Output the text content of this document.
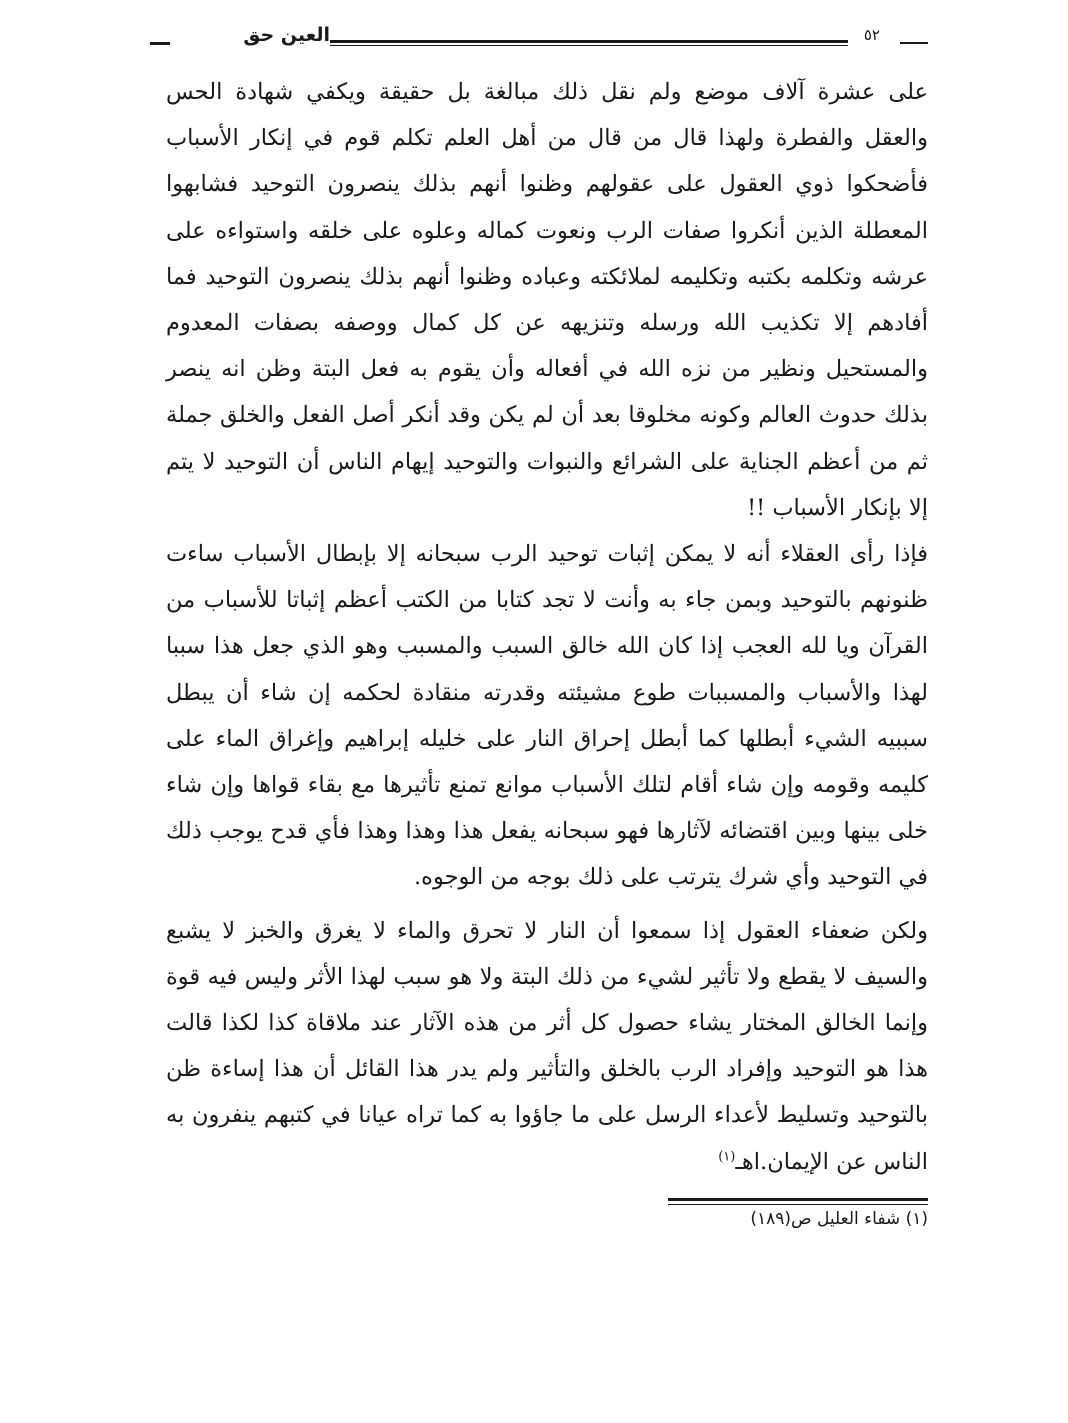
العين حق	٥٢

على عشرة آلاف موضع ولم نقل ذلك مبالغة بل حقيقة ويكفي شهادة الحس والعقل والفطرة ولهذا قال من قال من أهل العلم تكلم قوم في إنكار الأسباب فأضحكوا ذوي العقول على عقولهم وظنوا أنهم بذلك ينصرون التوحيد فشابهوا المعطلة الذين أنكروا صفات الرب ونعوت كماله وعلوه على خلقه واستواءه على عرشه وتكلمه بكتبه وتكليمه لملائكته وعباده وظنوا أنهم بذلك ينصرون التوحيد فما أفادهم إلا تكذيب الله ورسله وتنزيهه عن كل كمال ووصفه بصفات المعدوم والمستحيل ونظير من نزه الله في أفعاله وأن يقوم به فعل البتة وظن انه ينصر بذلك حدوث العالم وكونه مخلوقا بعد أن لم يكن وقد أنكر أصل الفعل والخلق جملة ثم من أعظم الجناية على الشرائع والنبوات والتوحيد إيهام الناس أن التوحيد لا يتم إلا بإنكار الأسباب !!

فإذا رأى العقلاء أنه لا يمكن إثبات توحيد الرب سبحانه إلا بإبطال الأسباب ساءت ظنونهم بالتوحيد وبمن جاء به وأنت لا تجد كتابا من الكتب أعظم إثباتا للأسباب من القرآن ويا لله العجب إذا كان الله خالق السبب والمسبب وهو الذي جعل هذا سببا لهذا والأسباب والمسببات طوع مشيئته وقدرته منقادة لحكمه إن شاء أن يبطل سببيه الشيء أبطلها كما أبطل إحراق النار على خليله إبراهيم وإغراق الماء على كليمه وقومه وإن شاء أقام لتلك الأسباب موانع تمنع تأثيرها مع بقاء قواها وإن شاء خلى بينها وبين اقتضائه لآثارها فهو سبحانه يفعل هذا وهذا وهذا فأي قدح يوجب ذلك في التوحيد وأي شرك يترتب على ذلك بوجه من الوجوه.

ولكن ضعفاء العقول إذا سمعوا أن النار لا تحرق والماء لا يغرق والخبز لا يشبع والسيف لا يقطع ولا تأثير لشيء من ذلك البتة ولا هو سبب لهذا الأثر وليس فيه قوة وإنما الخالق المختار يشاء حصول كل أثر من هذه الآثار عند ملاقاة كذا لكذا قالت هذا هو التوحيد وإفراد الرب بالخلق والتأثير ولم يدر هذا القائل أن هذا إساءة ظن بالتوحيد وتسليط لأعداء الرسل على ما جاؤوا به كما تراه عيانا في كتبهم ينفرون به الناس عن الإيمان.اهـ$^{(١)}$

(١) شفاء العليل ص(١٨٩)
